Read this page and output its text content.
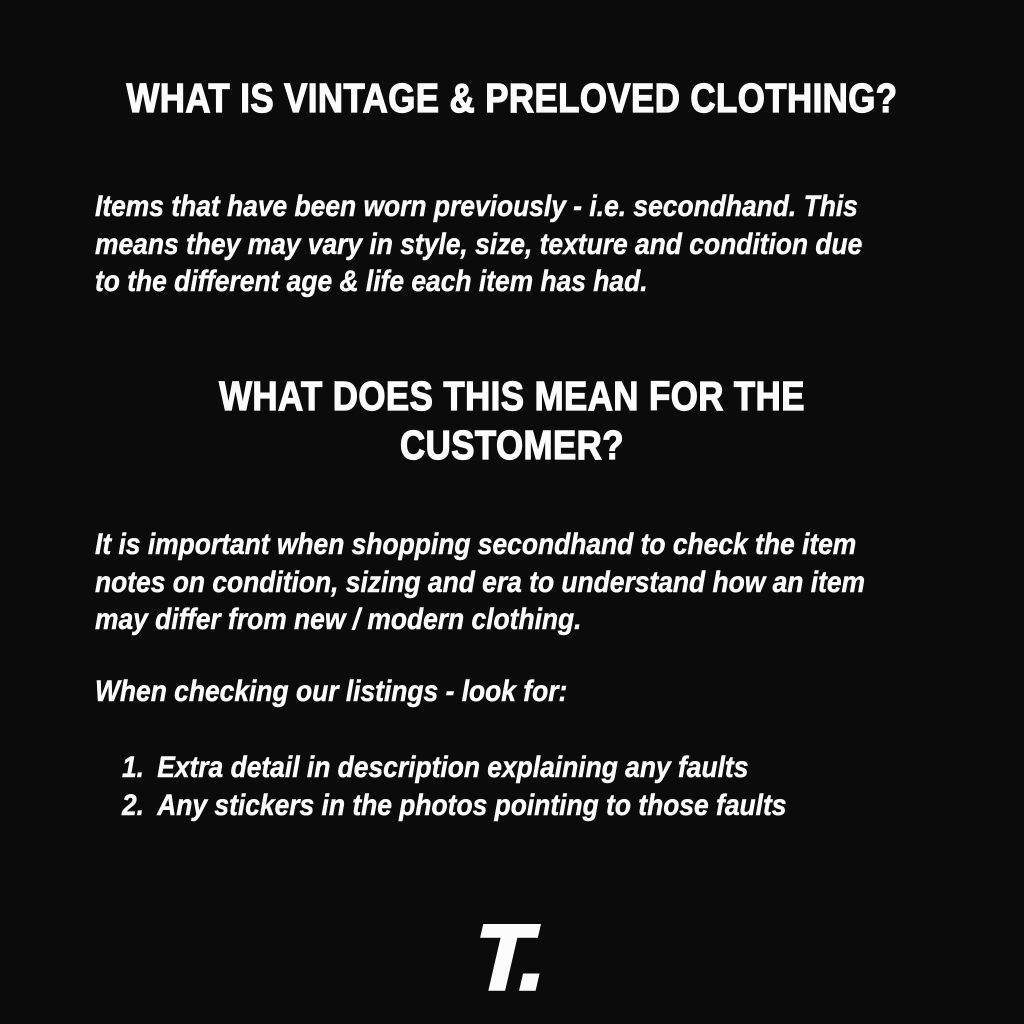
WHAT IS VINTAGE & PRELOVED CLOTHING?

Items that have been worn previously - i.e. secondhand. This
means they may vary in style, size, texture and condition due
to the different age & life each item has had.

WHAT DOES THIS MEAN FOR THE
CUSTOMER?

It is important when shopping secondhand to check the item
notes on condition, sizing and era to understand how an item
may differ from new / modern clothing.

When checking our listings - look for:

1. Extra detail in description explaining any faults
2. Any stickers in the photos pointing to those faults
T.
